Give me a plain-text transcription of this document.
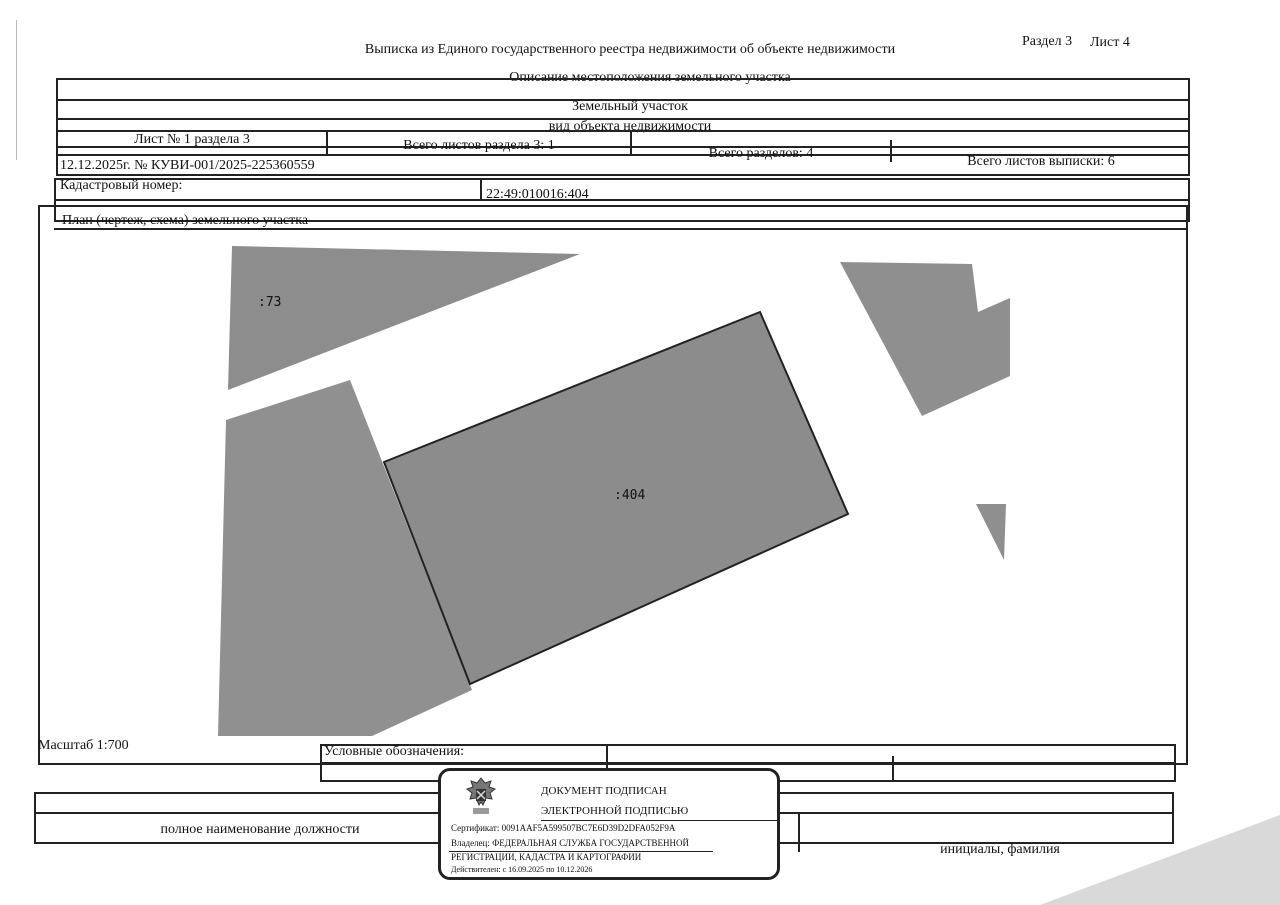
Выписка из Единого государственного реестра недвижимости об объекте недвижимости
Раздел 3 Лист 4
Описание местоположения земельного участка
Земельный участок
вид объекта недвижимости
Лист № 1 раздела 3	Всего листов раздела 3: 1
Всего разделов: 4
Всего листов выписки: 6
12.12.2025г. № КУВИ-001/2025-225360559
Кадастровый номер:
22:49:010016:404
План (чертеж, схема) земельного участка
:73
:404
Масштаб 1:700	Условные обозначения:
полное наименование должности
инициалы, фамилия
ДОКУМЕНТ ПОДПИСАН
ЭЛЕКТРОННОЙ ПОДПИСЬЮ
Сертификат: 0091AAF5A599507BC7E6D39D2DFA052F9A
Владелец: ФЕДЕРАЛЬНАЯ СЛУЖБА ГОСУДАРСТВЕННОЙ
РЕГИСТРАЦИИ, КАДАСТРА И КАРТОГРАФИИ
Действителен: с 16.09.2025 по 10.12.2026
